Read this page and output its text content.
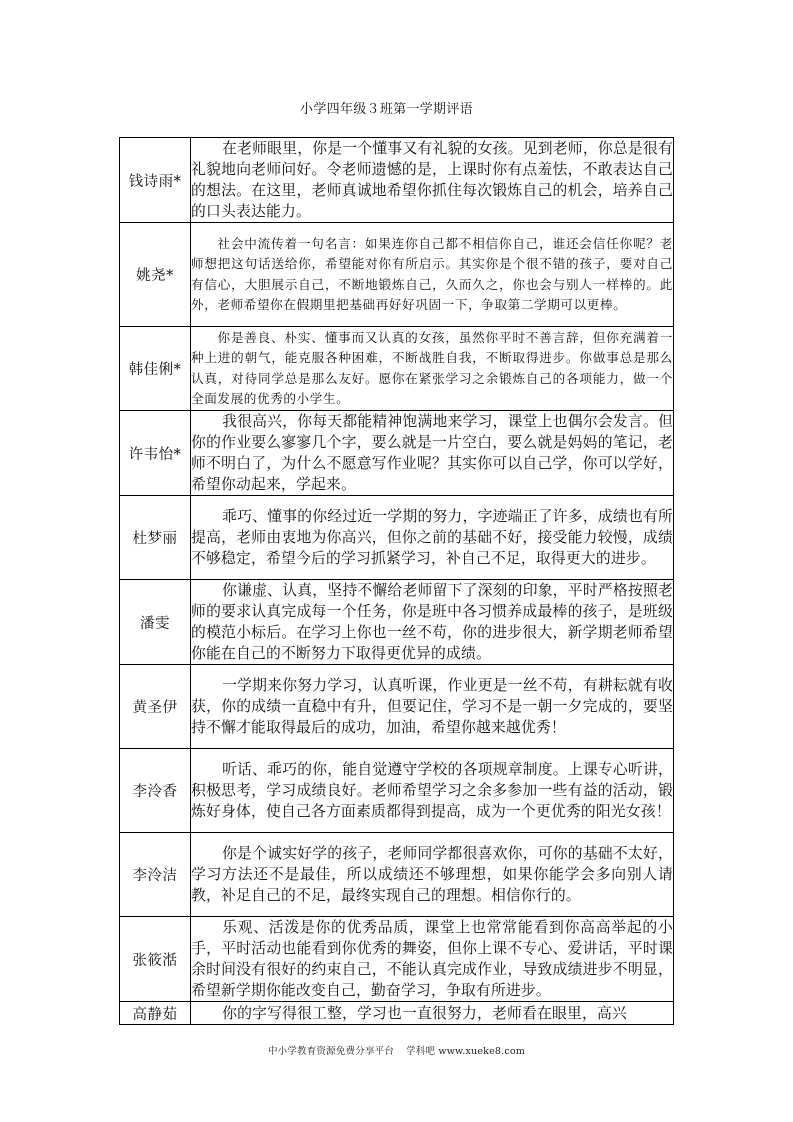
小学四年级３班第一学期评语
钱诗雨*	在老师眼里，你是一个懂事又有礼貌的女孩。见到老师，你总是很有礼貌地向老师问好。令老师遗憾的是，上课时你有点羞怯，不敢表达自己的想法。在这里，老师真诚地希望你抓住每次锻炼自己的机会，培养自己的口头表达能力。
姚尧*	社会中流传着一句名言：如果连你自己都不相信你自己，谁还会信任你呢？老师想把这句话送给你，希望能对你有所启示。其实你是个很不错的孩子，要对自己有信心，大胆展示自己，不断地锻炼自己，久而久之，你也会与别人一样棒的。此外，老师希望你在假期里把基础再好好巩固一下，争取第二学期可以更棒。
韩佳俐*	你是善良、朴实、懂事而又认真的女孩，虽然你平时不善言辞，但你充满着一种上进的朝气，能克服各种困难，不断战胜自我，不断取得进步。你做事总是那么认真，对待同学总是那么友好。愿你在紧张学习之余锻炼自己的各项能力，做一个全面发展的优秀的小学生。
许韦怡*	我很高兴，你每天都能精神饱满地来学习，课堂上也偶尔会发言。但你的作业要么寥寥几个字，要么就是一片空白，要么就是妈妈的笔记，老师不明白了，为什么不愿意写作业呢？其实你可以自己学，你可以学好，希望你动起来，学起来。
杜梦丽	乖巧、懂事的你经过近一学期的努力，字迹端正了许多，成绩也有所提高，老师由衷地为你高兴，但你之前的基础不好，接受能力较慢，成绩不够稳定，希望今后的学习抓紧学习，补自己不足，取得更大的进步。
潘雯	你谦虚、认真，坚持不懈给老师留下了深刻的印象，平时严格按照老师的要求认真完成每一个任务，你是班中各习惯养成最棒的孩子，是班级的模范小标后。在学习上你也一丝不苟，你的进步很大，新学期老师希望你能在自己的不断努力下取得更优异的成绩。
黄圣伊	一学期来你努力学习，认真听课，作业更是一丝不苟，有耕耘就有收获，你的成绩一直稳中有升，但要记住，学习不是一朝一夕完成的，要坚持不懈才能取得最后的成功，加油，希望你越来越优秀！
李泠香	听话、乖巧的你，能自觉遵守学校的各项规章制度。上课专心听讲，积极思考，学习成绩良好。老师希望学习之余多参加一些有益的活动，锻炼好身体，使自己各方面素质都得到提高，成为一个更优秀的阳光女孩！
李泠洁	你是个诚实好学的孩子，老师同学都很喜欢你，可你的基础不太好，学习方法还不是最佳，所以成绩还不够理想，如果你能学会多向别人请教，补足自己的不足，最终实现自己的理想。相信你行的。
张筱湉	乐观、活泼是你的优秀品质，课堂上也常常能看到你高高举起的小手，平时活动也能看到你优秀的舞姿，但你上课不专心、爱讲话，平时课余时间没有很好的约束自己，不能认真完成作业，导致成绩进步不明显，希望新学期你能改变自己，勤奋学习，争取有所进步。
高静茹	你的字写得很工整，学习也一直很努力，老师看在眼里，高兴
中小学教育资源免费分享平台 学科吧 www.xueke8.com
